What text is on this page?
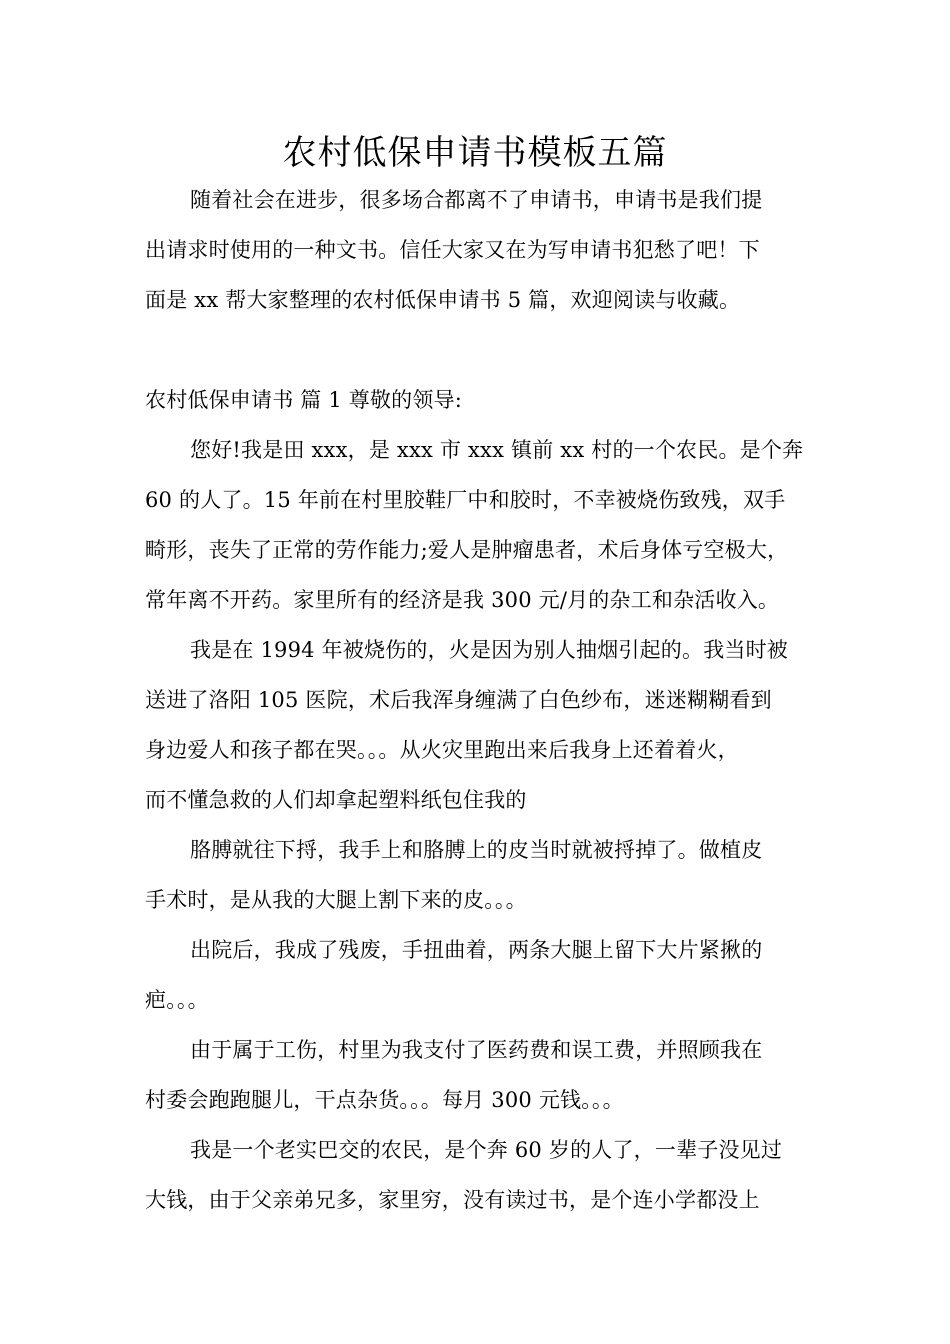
农村低保申请书模板五篇
随着社会在进步，很多场合都离不了申请书，申请书是我们提
出请求时使用的一种文书。信任大家又在为写申请书犯愁了吧！下
面是 xx 帮大家整理的农村低保申请书 5 篇，欢迎阅读与收藏。
农村低保申请书 篇 1 尊敬的领导:
您好!我是田 xxx，是 xxx 市 xxx 镇前 xx 村的一个农民。是个奔
60 的人了。15 年前在村里胶鞋厂中和胶时，不幸被烧伤致残，双手
畸形，丧失了正常的劳作能力;爱人是肿瘤患者，术后身体亏空极大，
常年离不开药。家里所有的经济是我 300 元/月的杂工和杂活收入。
我是在 1994 年被烧伤的，火是因为别人抽烟引起的。我当时被
送进了洛阳 105 医院，术后我浑身缠满了白色纱布，迷迷糊糊看到
身边爱人和孩子都在哭。。。从火灾里跑出来后我身上还着着火，
而不懂急救的人们却拿起塑料纸包住我的
胳膊就往下捋，我手上和胳膊上的皮当时就被捋掉了。做植皮
手术时，是从我的大腿上割下来的皮。。。
出院后，我成了残废，手扭曲着，两条大腿上留下大片紧揪的
疤。。。
由于属于工伤，村里为我支付了医药费和误工费，并照顾我在
村委会跑跑腿儿，干点杂货。。。每月 300 元钱。。。
我是一个老实巴交的农民，是个奔 60 岁的人了，一辈子没见过
大钱，由于父亲弟兄多，家里穷，没有读过书，是个连小学都没上
